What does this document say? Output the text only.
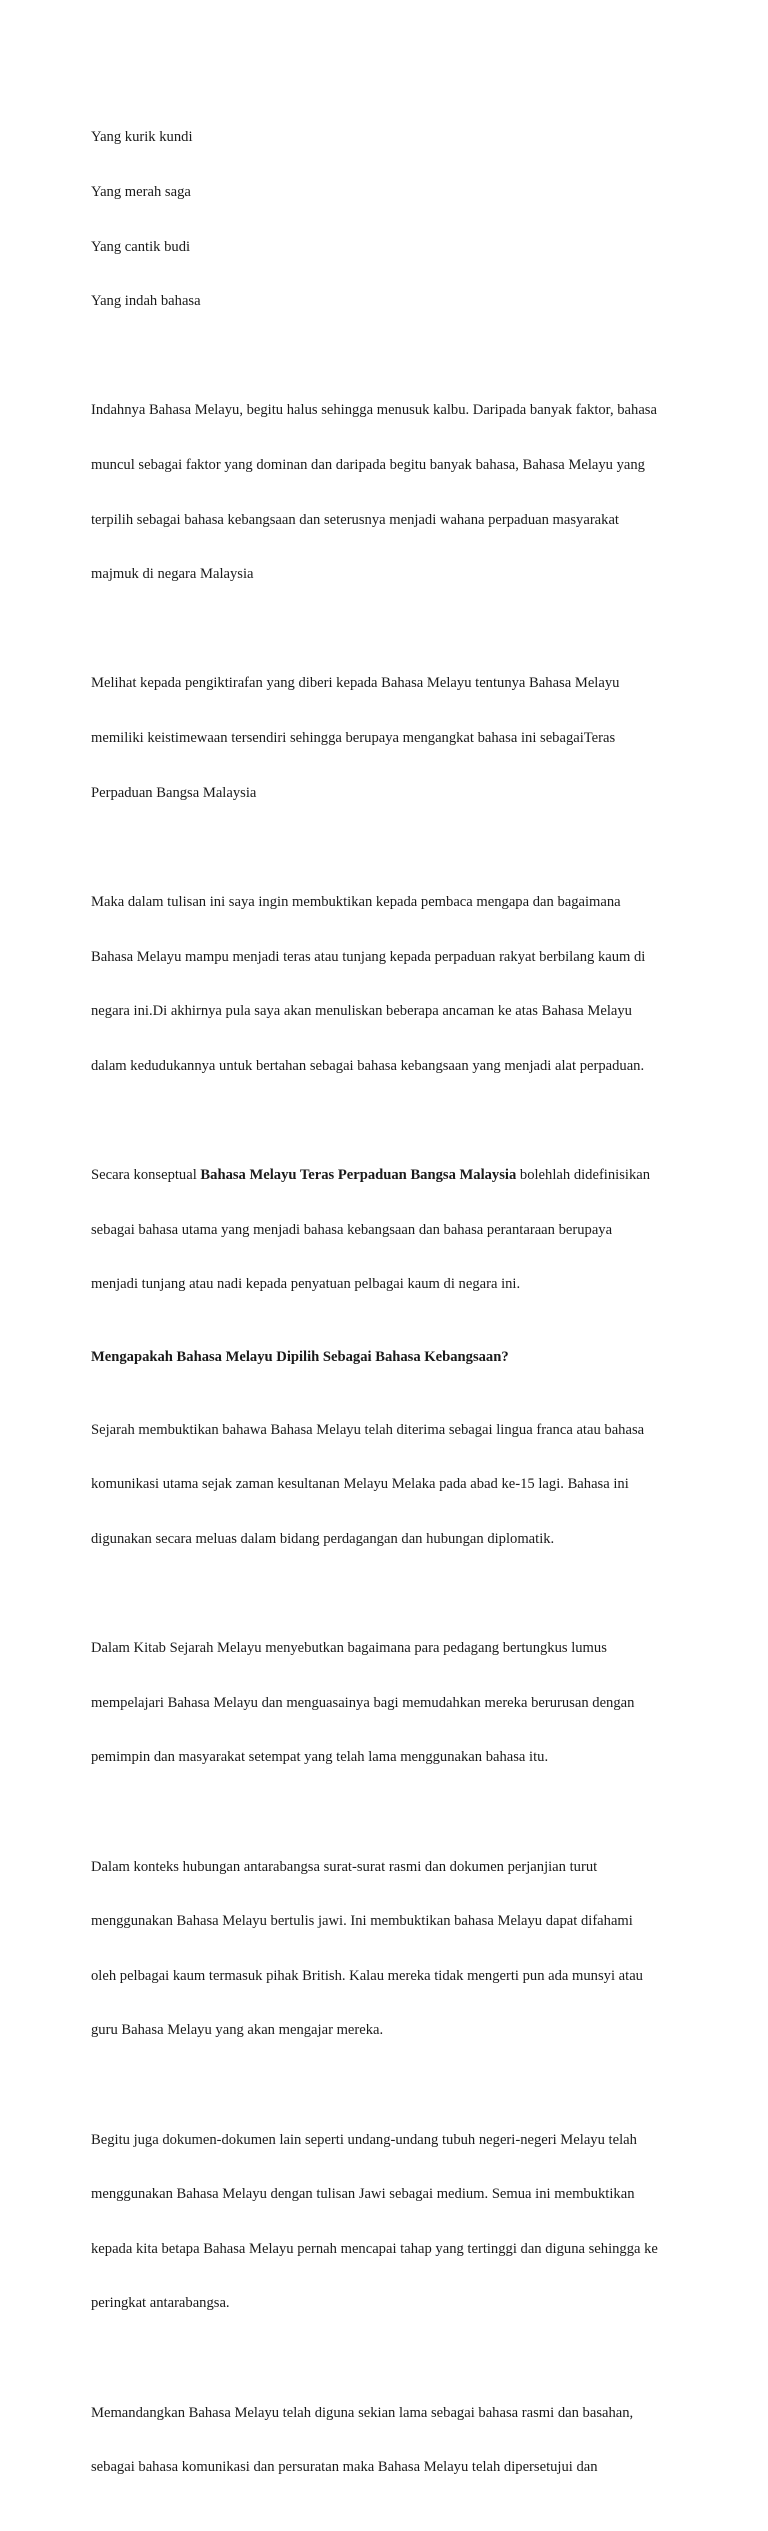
Yang kurik kundi

Yang merah saga

Yang cantik budi

Yang indah bahasa

Indahnya Bahasa Melayu, begitu halus sehingga menusuk kalbu. Daripada banyak faktor, bahasa

muncul sebagai faktor yang dominan dan daripada begitu banyak bahasa, Bahasa Melayu yang

terpilih sebagai bahasa kebangsaan dan seterusnya menjadi wahana perpaduan masyarakat

majmuk di negara Malaysia

Melihat kepada pengiktirafan yang diberi kepada Bahasa Melayu tentunya Bahasa Melayu

memiliki keistimewaan tersendiri sehingga berupaya mengangkat bahasa ini sebagaiTeras

Perpaduan Bangsa Malaysia

Maka dalam tulisan ini saya ingin membuktikan kepada pembaca mengapa dan bagaimana

Bahasa Melayu mampu menjadi teras atau tunjang kepada perpaduan rakyat berbilang kaum di

negara ini.Di akhirnya pula saya akan menuliskan beberapa ancaman ke atas Bahasa Melayu

dalam kedudukannya untuk bertahan sebagai bahasa kebangsaan yang menjadi alat perpaduan.

Secara konseptual Bahasa Melayu Teras Perpaduan Bangsa Malaysia bolehlah didefinisikan

sebagai bahasa utama yang menjadi bahasa kebangsaan dan bahasa perantaraan berupaya

menjadi tunjang atau nadi kepada penyatuan pelbagai kaum di negara ini.

Mengapakah Bahasa Melayu Dipilih Sebagai Bahasa Kebangsaan?

Sejarah membuktikan bahawa Bahasa Melayu telah diterima sebagai lingua franca atau bahasa

komunikasi utama sejak zaman kesultanan Melayu Melaka pada abad ke-15 lagi. Bahasa ini

digunakan secara meluas dalam bidang perdagangan dan hubungan diplomatik.

Dalam Kitab Sejarah Melayu menyebutkan bagaimana para pedagang bertungkus lumus

mempelajari Bahasa Melayu dan menguasainya bagi memudahkan mereka berurusan dengan

pemimpin dan masyarakat setempat yang telah lama menggunakan bahasa itu.

Dalam konteks hubungan antarabangsa surat-surat rasmi dan dokumen perjanjian turut

menggunakan Bahasa Melayu bertulis jawi. Ini membuktikan bahasa Melayu dapat difahami

oleh pelbagai kaum termasuk pihak British. Kalau mereka tidak mengerti pun ada munsyi atau

guru Bahasa Melayu yang akan mengajar mereka.

Begitu juga dokumen-dokumen lain seperti undang-undang tubuh negeri-negeri Melayu telah

menggunakan Bahasa Melayu dengan tulisan Jawi sebagai medium. Semua ini membuktikan

kepada kita betapa Bahasa Melayu pernah mencapai tahap yang tertinggi dan diguna sehingga ke

peringkat antarabangsa.

Memandangkan Bahasa Melayu telah diguna sekian lama sebagai bahasa rasmi dan basahan,

sebagai bahasa komunikasi dan persuratan maka Bahasa Melayu telah dipersetujui dan
